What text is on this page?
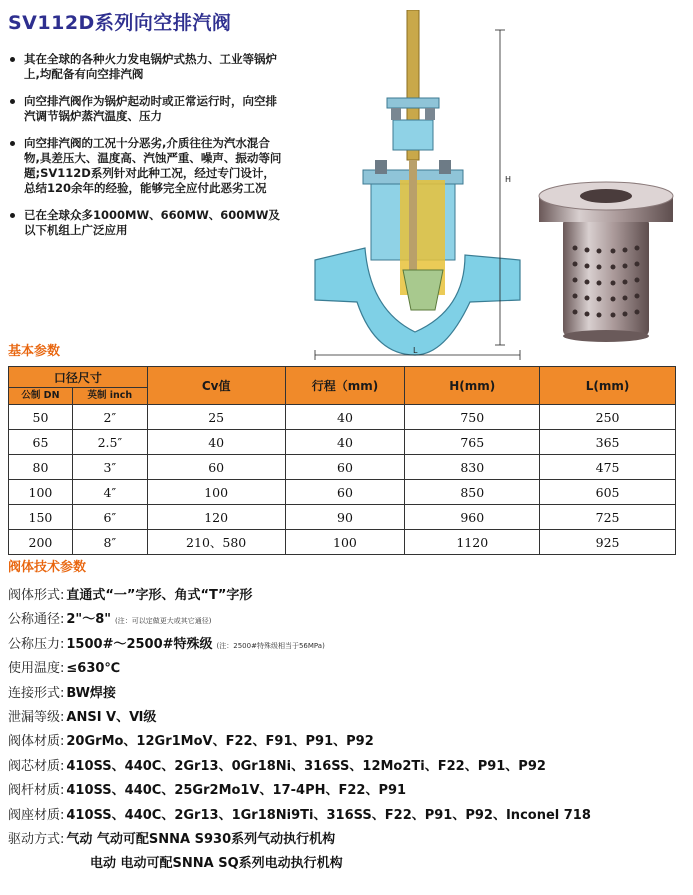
SV112D系列向空排汽阀
其在全球的各种火力发电锅炉式热力、工业等锅炉上,均配备有向空排汽阀
向空排汽阀作为锅炉起动时或正常运行时，向空排汽调节锅炉蒸汽温度、压力
向空排汽阀的工况十分恶劣,介质往往为汽水混合物,具差压大、温度高、汽蚀严重、噪声、振动等问题;SV112D系列针对此种工况，经过专门设计，总结120余年的经验，能够完全应付此恶劣工况
已在全球众多1000MW、660MW、600MW及以下机组上广泛应用
H
L
基本参数
口径尺寸		Cv值	行程（mm)	H(mm)	L(mm)
公制 DN	英制 inch				
50	2″	25	40	750	250
65	2.5″	40	40	765	365
80	3″	60	60	830	475
100	4″	100	60	850	605
150	6″	120	90	960	725
200	8″	210、580	100	1120	925
阀体技术参数
阀体形式: 直通式“一”字形、角式“T”字形
公称通径: 2"～8" (注：可以定做更大或其它通径)
公称压力: 1500#～2500#特殊级 (注：2500#特殊级相当于56MPa)
使用温度: ≤630℃
连接形式: BW焊接
泄漏等级: ANSI Ⅴ、Ⅵ级
阀体材质: 20GrMo、12Gr1MoV、F22、F91、P91、P92
阀芯材质: 410SS、440C、2Gr13、0Gr18Ni、316SS、12Mo2Ti、F22、P91、P92
阀杆材质: 410SS、440C、25Gr2Mo1V、17-4PH、F22、P91
阀座材质: 410SS、440C、2Gr13、1Gr18Ni9Ti、316SS、F22、P91、P92、Inconel 718
驱动方式: 气动 气动可配SNNA S930系列气动执行机构
电动 电动可配SNNA SQ系列电动执行机构
